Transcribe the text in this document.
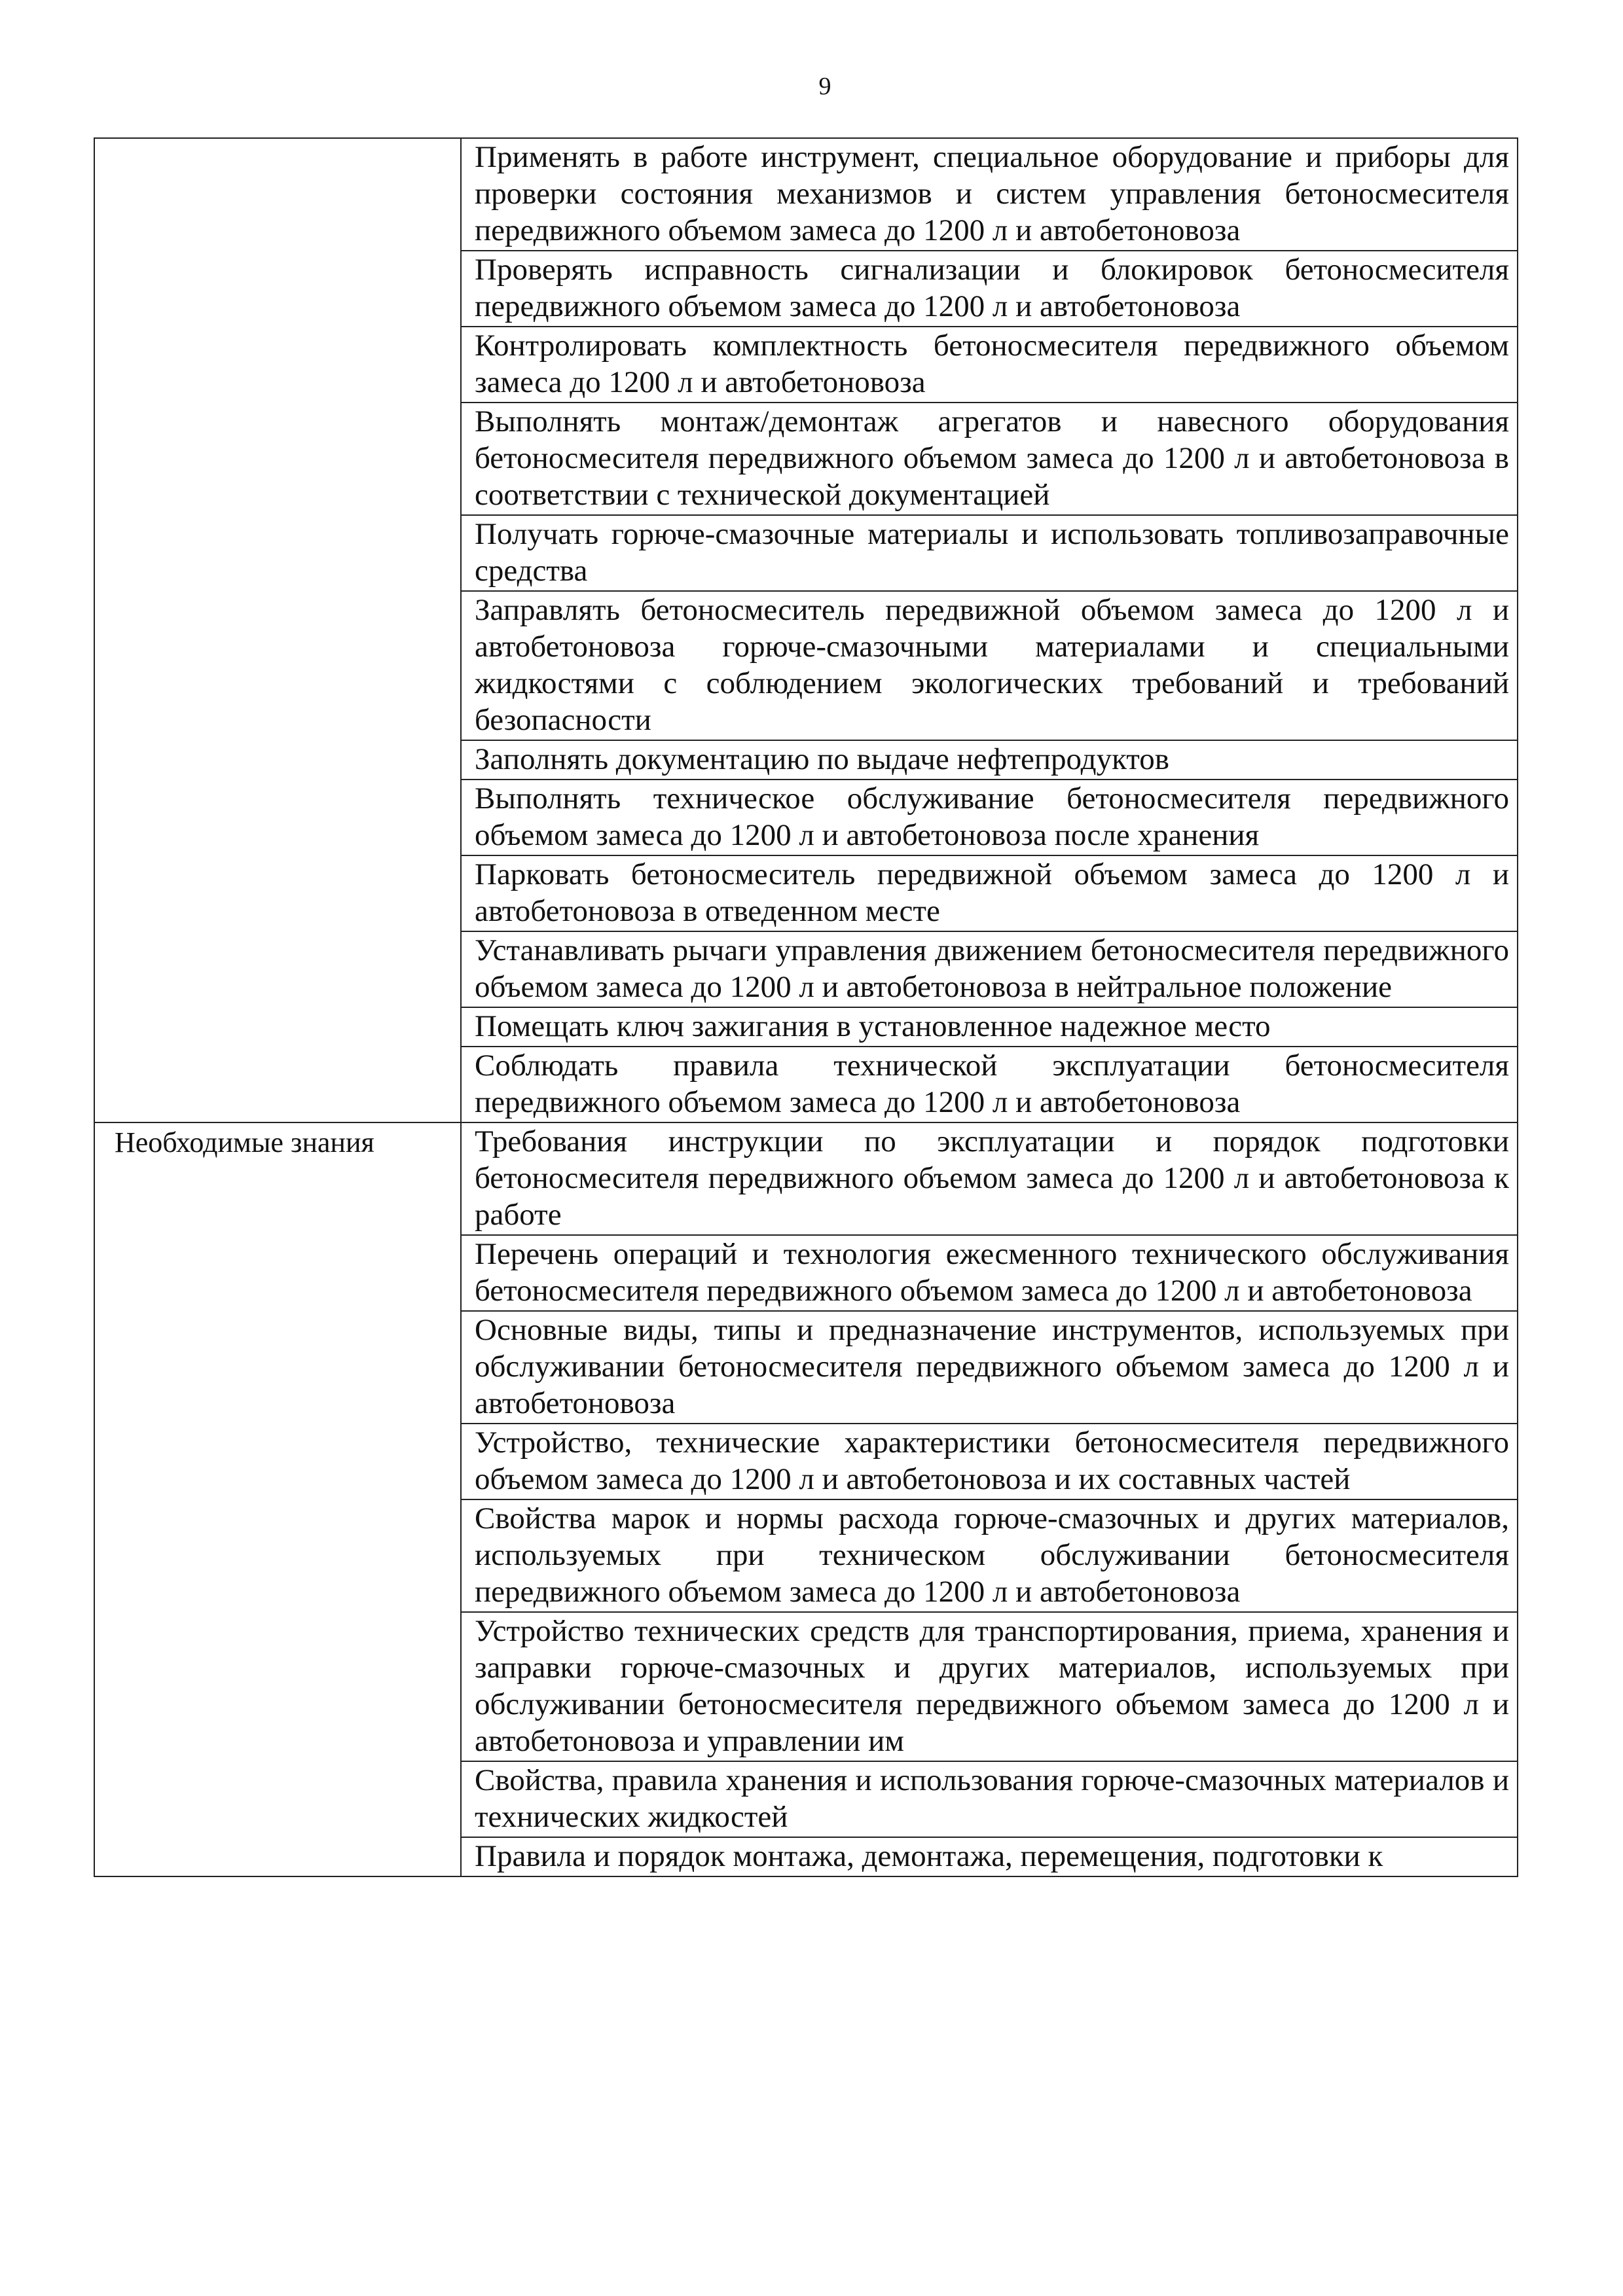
9
	Применять в работе инструмент, специальное оборудование и приборы для проверки состояния механизмов и систем управления бетоносмесителя передвижного объемом замеса до 1200 л и автобетоновоза
	Проверять исправность сигнализации и блокировок бетоносмесителя передвижного объемом замеса до 1200 л и автобетоновоза
	Контролировать комплектность бетоносмесителя передвижного объемом замеса до 1200 л и автобетоновоза
	Выполнять монтаж/демонтаж агрегатов и навесного оборудования бетоносмесителя передвижного объемом замеса до 1200 л и автобетоновоза в соответствии с технической документацией
	Получать горюче-смазочные материалы и использовать топливозаправочные средства
	Заправлять бетоносмеситель передвижной объемом замеса до 1200 л и автобетоновоза горюче-смазочными материалами и специальными жидкостями с соблюдением экологических требований и требований безопасности
	Заполнять документацию по выдаче нефтепродуктов
	Выполнять техническое обслуживание бетоносмесителя передвижного объемом замеса до 1200 л и автобетоновоза после хранения
	Парковать бетоносмеситель передвижной объемом замеса до 1200 л и автобетоновоза в отведенном месте
	Устанавливать рычаги управления движением бетоносмесителя передвижного объемом замеса до 1200 л и автобетоновоза в нейтральное положение
	Помещать ключ зажигания в установленное надежное место
	Соблюдать правила технической эксплуатации бетоносмесителя передвижного объемом замеса до 1200 л и автобетоновоза
Необходимые знания	Требования инструкции по эксплуатации и порядок подготовки бетоносмесителя передвижного объемом замеса до 1200 л и автобетоновоза к работе
	Перечень операций и технология ежесменного технического обслуживания бетоносмесителя передвижного объемом замеса до 1200 л и автобетоновоза
	Основные виды, типы и предназначение инструментов, используемых при обслуживании бетоносмесителя передвижного объемом замеса до 1200 л и автобетоновоза
	Устройство, технические характеристики бетоносмесителя передвижного объемом замеса до 1200 л и автобетоновоза и их составных частей
	Свойства марок и нормы расхода горюче-смазочных и других материалов, используемых при техническом обслуживании бетоносмесителя передвижного объемом замеса до 1200 л и автобетоновоза
	Устройство технических средств для транспортирования, приема, хранения и заправки горюче-смазочных и других материалов, используемых при обслуживании бетоносмесителя передвижного объемом замеса до 1200 л и автобетоновоза и управлении им
	Свойства, правила хранения и использования горюче-смазочных материалов и технических жидкостей
	Правила и порядок монтажа, демонтажа, перемещения, подготовки к
